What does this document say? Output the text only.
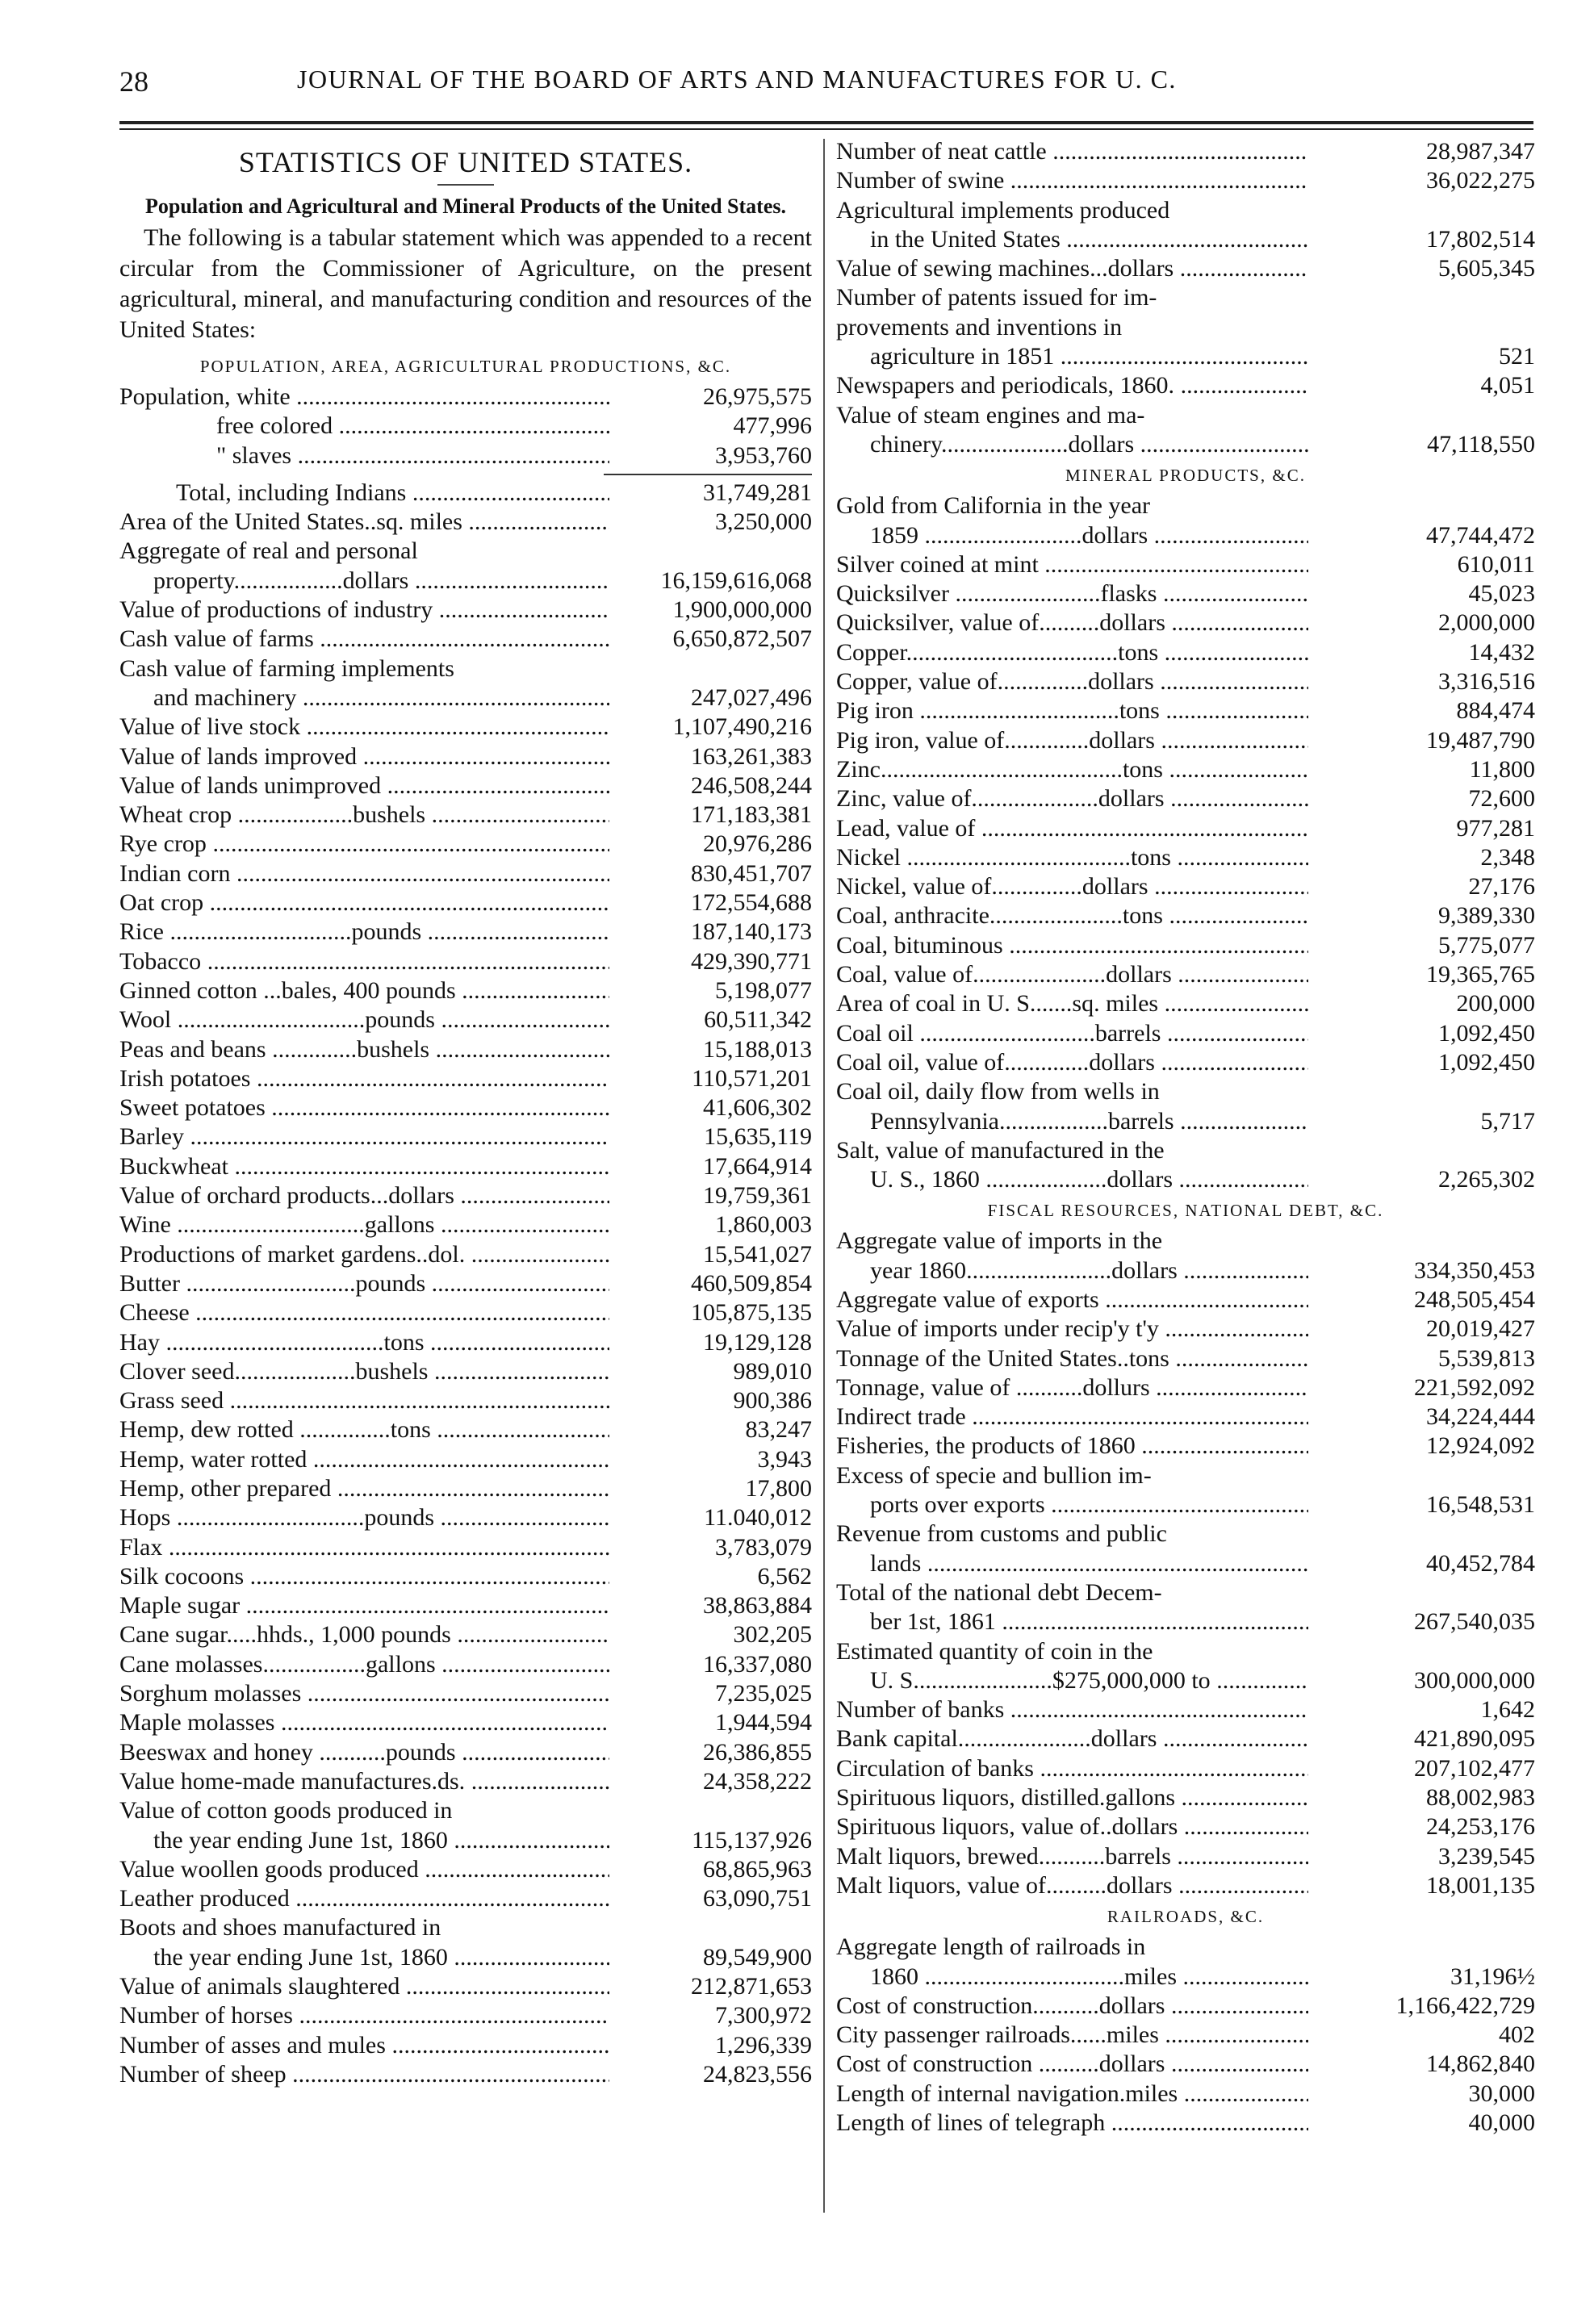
28	JOURNAL OF THE BOARD OF ARTS AND MANUFACTURES FOR U. C.
STATISTICS OF UNITED STATES.
Population and Agricultural and Mineral Products of the United States.
The following is a tabular statement which was appended to a recent circular from the Commissioner of Agriculture, on the present agricultural, mineral, and manufacturing condition and resources of the United States:
POPULATION, AREA, AGRICULTURAL PRODUCTIONS, &C.
Population, white .....	26,975,575
free colored .....	477,996
" slaves .....	3,953,760
Total, including Indians .....	31,749,281
Area of the United States..sq. miles .....	3,250,000
Aggregate of real and personal
property..................dollars .....	16,159,616,068
Value of productions of industry .....	1,900,000,000
Cash value of farms .....	6,650,872,507
Cash value of farming implements
and machinery .....	247,027,496
Value of live stock .....	1,107,490,216
Value of lands improved .....	163,261,383
Value of lands unimproved .....	246,508,244
Wheat crop ...................bushels .....	171,183,381
Rye crop .....	20,976,286
Indian corn .....	830,451,707
Oat crop .....	172,554,688
Rice ..............................pounds .....	187,140,173
Tobacco .....	429,390,771
Ginned cotton ...bales, 400 pounds .....	5,198,077
Wool ...............................pounds .....	60,511,342
Peas and beans ..............bushels .....	15,188,013
Irish potatoes .....	110,571,201
Sweet potatoes .....	41,606,302
Barley .....	15,635,119
Buckwheat .....	17,664,914
Value of orchard products...dollars .....	19,759,361
Wine ...............................gallons .....	1,860,003
Productions of market gardens..dol. .....	15,541,027
Butter ............................pounds .....	460,509,854
Cheese .....	105,875,135
Hay ....................................tons .....	19,129,128
Clover seed....................bushels .....	989,010
Grass seed .....	900,386
Hemp, dew rotted ...............tons .....	83,247
Hemp, water rotted .....	3,943
Hemp, other prepared .....	17,800
Hops ...............................pounds .....	11.040,012
Flax .....	3,783,079
Silk cocoons .....	6,562
Maple sugar .....	38,863,884
Cane sugar.....hhds., 1,000 pounds .....	302,205
Cane molasses.................gallons .....	16,337,080
Sorghum molasses .....	7,235,025
Maple molasses .....	1,944,594
Beeswax and honey ...........pounds .....	26,386,855
Value home-made manufactures.ds. .....	24,358,222
Value of cotton goods produced in
the year ending June 1st, 1860 .....	115,137,926
Value woollen goods produced .....	68,865,963
Leather produced .....	63,090,751
Boots and shoes manufactured in
the year ending June 1st, 1860 .....	89,549,900
Value of animals slaughtered .....	212,871,653
Number of horses .....	7,300,972
Number of asses and mules .....	1,296,339
Number of sheep .....	24,823,556
Number of neat cattle .....	28,987,347
Number of swine .....	36,022,275
Agricultural implements produced
in the United States .....	17,802,514
Value of sewing machines...dollars .....	5,605,345
Number of patents issued for im-
provements and inventions in
agriculture in 1851 .....	521
Newspapers and periodicals, 1860. .....	4,051
Value of steam engines and ma-
chinery.....................dollars .....	47,118,550
MINERAL PRODUCTS, &C.
Gold from California in the year
1859 ..........................dollars .....	47,744,472
Silver coined at mint .....	610,011
Quicksilver ........................flasks .....	45,023
Quicksilver, value of..........dollars .....	2,000,000
Copper...................................tons .....	14,432
Copper, value of...............dollars .....	3,316,516
Pig iron .................................tons .....	884,474
Pig iron, value of..............dollars .....	19,487,790
Zinc........................................tons .....	11,800
Zinc, value of.....................dollars .....	72,600
Lead, value of .....	977,281
Nickel .....................................tons .....	2,348
Nickel, value of...............dollars .....	27,176
Coal, anthracite......................tons .....	9,389,330
Coal, bituminous .....	5,775,077
Coal, value of......................dollars .....	19,365,765
Area of coal in U. S.......sq. miles .....	200,000
Coal oil .............................barrels .....	1,092,450
Coal oil, value of..............dollars .....	1,092,450
Coal oil, daily flow from wells in
Pennsylvania..................barrels .....	5,717
Salt, value of manufactured in the
U. S., 1860 ....................dollars .....	2,265,302
FISCAL RESOURCES, NATIONAL DEBT, &C.
Aggregate value of imports in the
year 1860........................dollars .....	334,350,453
Aggregate value of exports .....	248,505,454
Value of imports under recip'y t'y .....	20,019,427
Tonnage of the United States..tons .....	5,539,813
Tonnage, value of ...........dollurs .....	221,592,092
Indirect trade .....	34,224,444
Fisheries, the products of 1860 .....	12,924,092
Excess of specie and bullion im-
ports over exports .....	16,548,531
Revenue from customs and public
lands .....	40,452,784
Total of the national debt Decem-
ber 1st, 1861 .....	267,540,035
Estimated quantity of coin in the
U. S.......................$275,000,000 to .....	300,000,000
Number of banks .....	1,642
Bank capital......................dollars .....	421,890,095
Circulation of banks .....	207,102,477
Spirituous liquors, distilled.gallons .....	88,002,983
Spirituous liquors, value of..dollars .....	24,253,176
Malt liquors, brewed...........barrels .....	3,239,545
Malt liquors, value of..........dollars .....	18,001,135
RAILROADS, &C.
Aggregate length of railroads in
1860 .................................miles .....	31,196½
Cost of construction...........dollars .....	1,166,422,729
City passenger railroads......miles .....	402
Cost of construction ..........dollars .....	14,862,840
Length of internal navigation.miles .....	30,000
Length of lines of telegraph .....	40,000
